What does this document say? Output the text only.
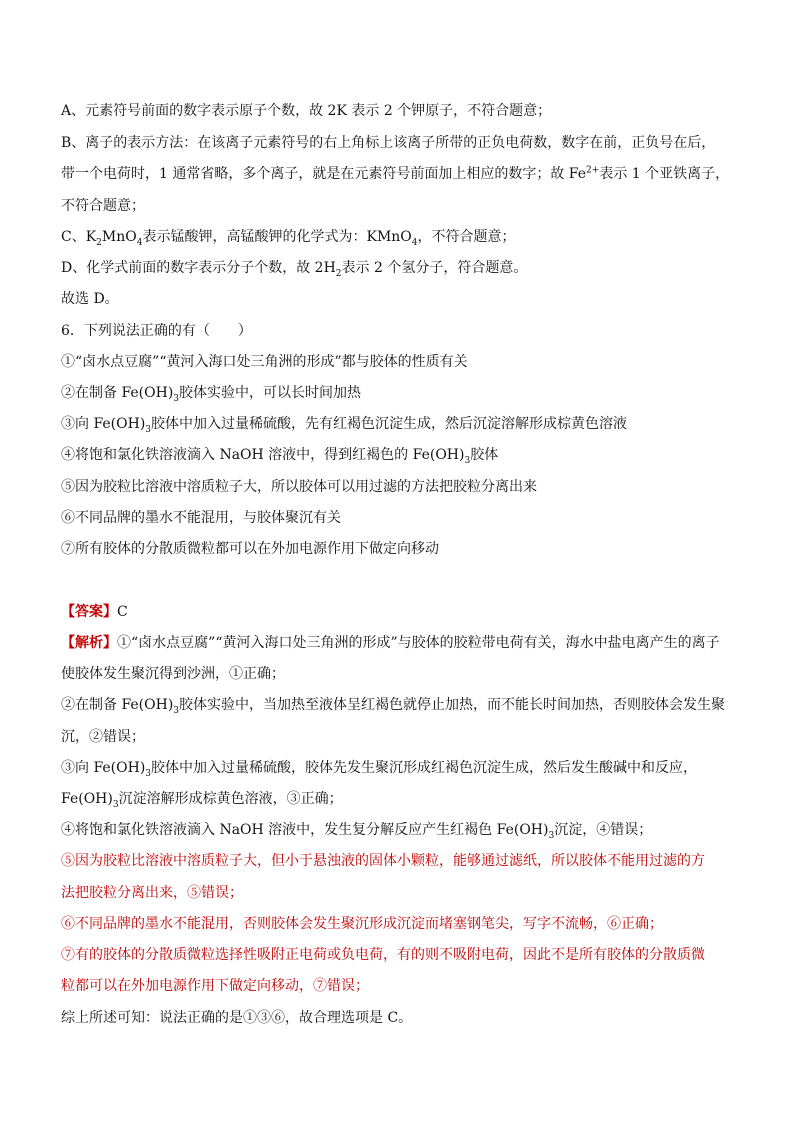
A、元素符号前面的数字表示原子个数，故 2K 表示 2 个钾原子，不符合题意；
B、离子的表示方法：在该离子元素符号的右上角标上该离子所带的正负电荷数，数字在前，正负号在后，
带一个电荷时，1 通常省略，多个离子，就是在元素符号前面加上相应的数字；故 $Fe^{2+}$表示 1 个亚铁离子，
不符合题意；
C、$K_2MnO_4$表示锰酸钾，高锰酸钾的化学式为：KMnO$_4$，不符合题意；
D、化学式前面的数字表示分子个数，故 $2H_2$表示 2 个氢分子，符合题意。
故选 D。
6．下列说法正确的有（　　）
①“卤水点豆腐”“黄河入海口处三角洲的形成”都与胶体的性质有关
②在制备 $Fe(OH)_3$胶体实验中，可以长时间加热
③向 $Fe(OH)_3$胶体中加入过量稀硫酸，先有红褐色沉淀生成，然后沉淀溶解形成棕黄色溶液
④将饱和氯化铁溶液滴入 NaOH 溶液中，得到红褐色的 $Fe(OH)_3$胶体
⑤因为胶粒比溶液中溶质粒子大，所以胶体可以用过滤的方法把胶粒分离出来
⑥不同品牌的墨水不能混用，与胶体聚沉有关
⑦所有胶体的分散质微粒都可以在外加电源作用下做定向移动
【答案】C
【解析】①“卤水点豆腐”“黄河入海口处三角洲的形成”与胶体的胶粒带电荷有关，海水中盐电离产生的离子
使胶体发生聚沉得到沙洲，①正确；
②在制备 $Fe(OH)_3$胶体实验中，当加热至液体呈红褐色就停止加热，而不能长时间加热，否则胶体会发生聚
沉，②错误；
③向 $Fe(OH)_3$胶体中加入过量稀硫酸，胶体先发生聚沉形成红褐色沉淀生成，然后发生酸碱中和反应，
$Fe(OH)_3$沉淀溶解形成棕黄色溶液，③正确；
④将饱和氯化铁溶液滴入 NaOH 溶液中，发生复分解反应产生红褐色 $Fe(OH)_3$沉淀，④错误；
⑤因为胶粒比溶液中溶质粒子大，但小于悬浊液的固体小颗粒，能够通过滤纸，所以胶体不能用过滤的方
法把胶粒分离出来，⑤错误；
⑥不同品牌的墨水不能混用，否则胶体会发生聚沉形成沉淀而堵塞钢笔尖，写字不流畅，⑥正确；
⑦有的胶体的分散质微粒选择性吸附正电荷或负电荷，有的则不吸附电荷，因此不是所有胶体的分散质微
粒都可以在外加电源作用下做定向移动，⑦错误；
综上所述可知：说法正确的是①③⑥，故合理选项是 C。
